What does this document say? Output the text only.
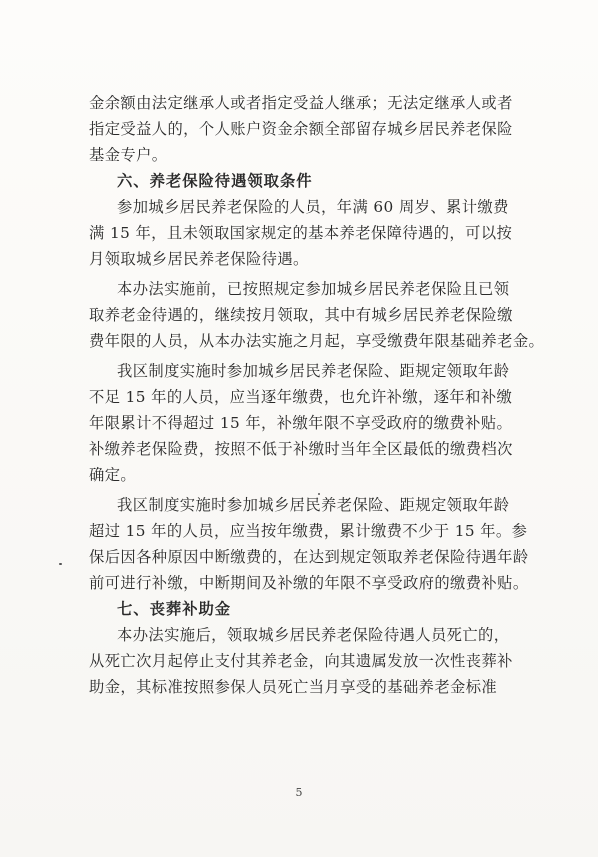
金余额由法定继承人或者指定受益人继承；无法定继承人或者
指定受益人的，个人账户资金余额全部留存城乡居民养老保险
基金专户。
六、养老保险待遇领取条件
参加城乡居民养老保险的人员，年满 60 周岁、累计缴费
满 15 年，且未领取国家规定的基本养老保障待遇的，可以按
月领取城乡居民养老保险待遇。
本办法实施前，已按照规定参加城乡居民养老保险且已领
取养老金待遇的，继续按月领取，其中有城乡居民养老保险缴
费年限的人员，从本办法实施之月起，享受缴费年限基础养老金。
我区制度实施时参加城乡居民养老保险、距规定领取年龄
不足 15 年的人员，应当逐年缴费，也允许补缴，逐年和补缴
年限累计不得超过 15 年，补缴年限不享受政府的缴费补贴。
补缴养老保险费，按照不低于补缴时当年全区最低的缴费档次
确定。
我区制度实施时参加城乡居民养老保险、距规定领取年龄
超过 15 年的人员，应当按年缴费，累计缴费不少于 15 年。参
保后因各种原因中断缴费的，在达到规定领取养老保险待遇年龄
前可进行补缴，中断期间及补缴的年限不享受政府的缴费补贴。
七、丧葬补助金
本办法实施后，领取城乡居民养老保险待遇人员死亡的，
从死亡次月起停止支付其养老金，向其遗属发放一次性丧葬补
助金，其标准按照参保人员死亡当月享受的基础养老金标准
5
